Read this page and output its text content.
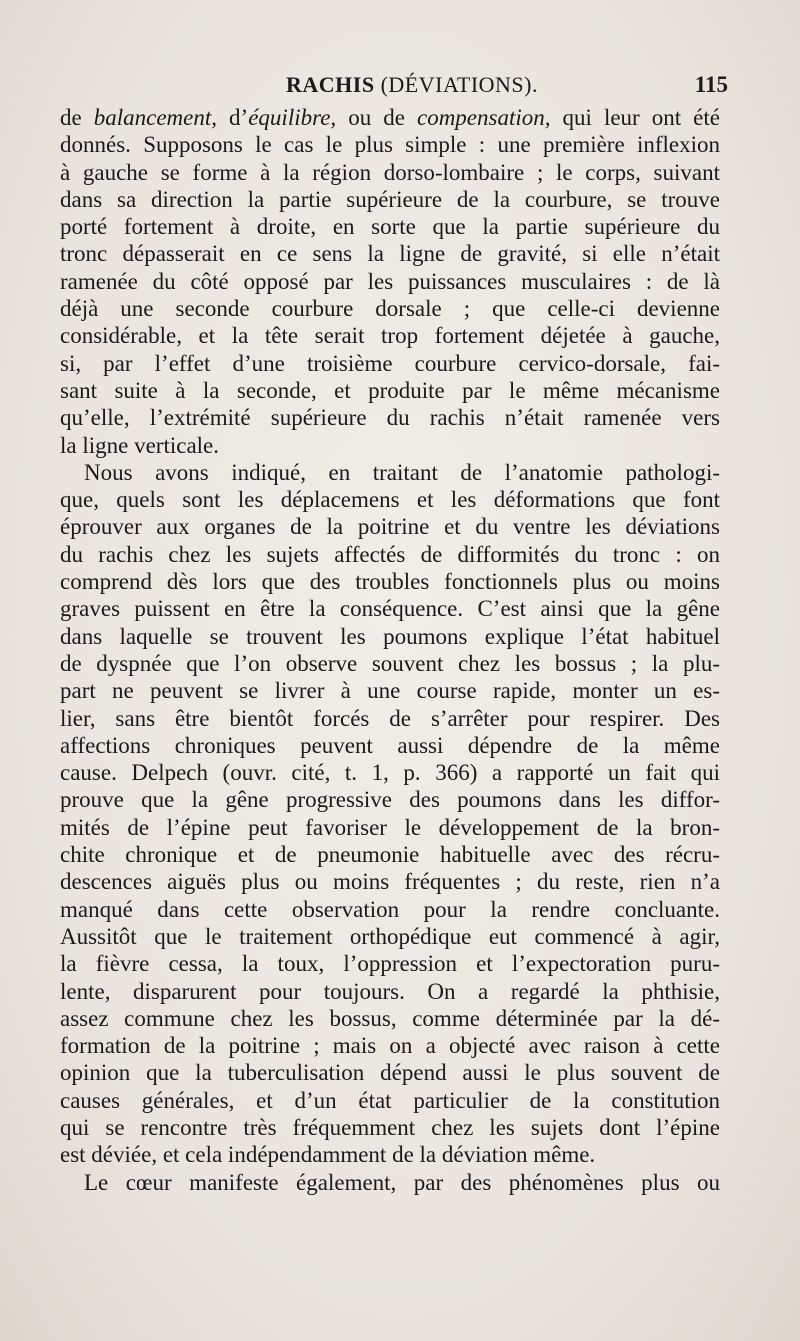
RACHIS (DÉVIATIONS).	115
de balancement, d’équilibre, ou de compensation, qui leur ont été
donnés. Supposons le cas le plus simple : une première inflexion
à gauche se forme à la région dorso-lombaire ; le corps, suivant
dans sa direction la partie supérieure de la courbure, se trouve
porté fortement à droite, en sorte que la partie supérieure du
tronc dépasserait en ce sens la ligne de gravité, si elle n’était
ramenée du côté opposé par les puissances musculaires : de là
déjà une seconde courbure dorsale ; que celle-ci devienne
considérable, et la tête serait trop fortement déjetée à gauche,
si, par l’effet d’une troisième courbure cervico-dorsale, fai-
sant suite à la seconde, et produite par le même mécanisme
qu’elle, l’extrémité supérieure du rachis n’était ramenée vers
la ligne verticale.
Nous avons indiqué, en traitant de l’anatomie pathologi-
que, quels sont les déplacemens et les déformations que font
éprouver aux organes de la poitrine et du ventre les déviations
du rachis chez les sujets affectés de difformités du tronc : on
comprend dès lors que des troubles fonctionnels plus ou moins
graves puissent en être la conséquence. C’est ainsi que la gêne
dans laquelle se trouvent les poumons explique l’état habituel
de dyspnée que l’on observe souvent chez les bossus ; la plu-
part ne peuvent se livrer à une course rapide, monter un es-
lier, sans être bientôt forcés de s’arrêter pour respirer. Des
affections chroniques peuvent aussi dépendre de la même
cause. Delpech (ouvr. cité, t. 1, p. 366) a rapporté un fait qui
prouve que la gêne progressive des poumons dans les diffor-
mités de l’épine peut favoriser le développement de la bron-
chite chronique et de pneumonie habituelle avec des récru-
descences aiguës plus ou moins fréquentes ; du reste, rien n’a
manqué dans cette observation pour la rendre concluante.
Aussitôt que le traitement orthopédique eut commencé à agir,
la fièvre cessa, la toux, l’oppression et l’expectoration puru-
lente, disparurent pour toujours. On a regardé la phthisie,
assez commune chez les bossus, comme déterminée par la dé-
formation de la poitrine ; mais on a objecté avec raison à cette
opinion que la tuberculisation dépend aussi le plus souvent de
causes générales, et d’un état particulier de la constitution
qui se rencontre très fréquemment chez les sujets dont l’épine
est déviée, et cela indépendamment de la déviation même.
Le cœur manifeste également, par des phénomènes plus ou
